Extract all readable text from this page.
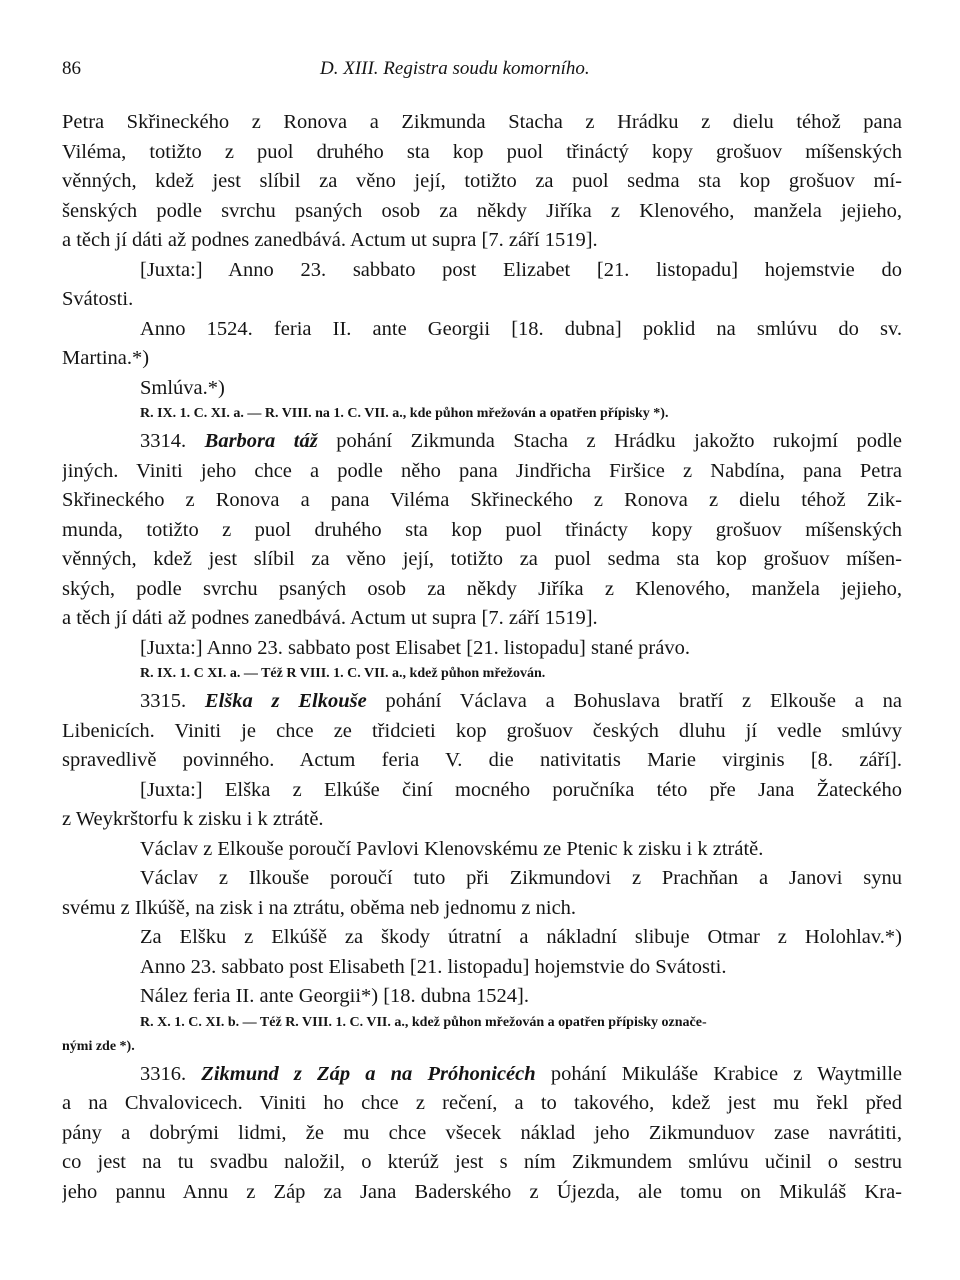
86	D. XIII. Registra soudu komorního.
Petra Skřineckého z Ronova a Zikmunda Stacha z Hrádku z dielu téhož pana
Viléma, totižto z puol druhého sta kop puol třináctý kopy grošuov míšenských
věnných, kdež jest slíbil za věno její, totižto za puol sedma sta kop grošuov mí-
šenských podle svrchu psaných osob za někdy Jiříka z Klenového, manžela jejieho,
a těch jí dáti až podnes zanedbává. Actum ut supra [7. září 1519].
[Juxta:] Anno 23. sabbato post Elizabet [21. listopadu] hojemstvie do
Svátosti.
Anno 1524. feria II. ante Georgii [18. dubna] poklid na smlúvu do sv.
Martina.*)
Smlúva.*)
R. IX. 1. C. XI. a. — R. VIII. na 1. C. VII. a., kde půhon mřežován a opatřen přípisky *).
3314. Barbora táž pohání Zikmunda Stacha z Hrádku jakožto rukojmí podle
jiných. Viniti jeho chce a podle něho pana Jindřicha Firšice z Nabdína, pana Petra
Skřineckého z Ronova a pana Viléma Skřineckého z Ronova z dielu téhož Zik-
munda, totižto z puol druhého sta kop puol třinácty kopy grošuov míšenských
věnných, kdež jest slíbil za věno její, totižto za puol sedma sta kop grošuov míšen-
ských, podle svrchu psaných osob za někdy Jiříka z Klenového, manžela jejieho,
a těch jí dáti až podnes zanedbává. Actum ut supra [7. září 1519].
[Juxta:] Anno 23. sabbato post Elisabet [21. listopadu] stané právo.
R. IX. 1. C XI. a. — Též R VIII. 1. C. VII. a., kdež půhon mřežován.
3315. Elška z Elkouše pohání Václava a Bohuslava bratří z Elkouše a na
Libenicích. Viniti je chce ze třidcieti kop grošuov českých dluhu jí vedle smlúvy
spravedlivě povinného. Actum feria V. die nativitatis Marie virginis [8. září].
[Juxta:] Elška z Elkúše činí mocného poručníka této pře Jana Žateckého
z Weykrštorfu k zisku i k ztrátě.
Václav z Elkouše poroučí Pavlovi Klenovskému ze Ptenic k zisku i k ztrátě.
Václav z Ilkouše poroučí tuto při Zikmundovi z Prachňan a Janovi synu
svému z Ilkúšě, na zisk i na ztrátu, oběma neb jednomu z nich.
Za Elšku z Elkúšě za škody útratní a nákladní slibuje Otmar z Holohlav.*)
Anno 23. sabbato post Elisabeth [21. listopadu] hojemstvie do Svátosti.
Nález feria II. ante Georgii*) [18. dubna 1524].
R. X. 1. C. XI. b. — Též R. VIII. 1. C. VII. a., kdež půhon mřežován a opatřen přípisky označe-
nými zde *).
3316. Zikmund z Záp a na Próhonicéch pohání Mikuláše Krabice z Waytmille
a na Chvalovicech. Viniti ho chce z rečení, a to takového, kdež jest mu řekl před
pány a dobrými lidmi, že mu chce všecek náklad jeho Zikmunduov zase navrátiti,
co jest na tu svadbu naložil, o kterúž jest s ním Zikmundem smlúvu učinil o sestru
jeho pannu Annu z Záp za Jana Baderského z Újezda, ale tomu on Mikuláš Kra-
